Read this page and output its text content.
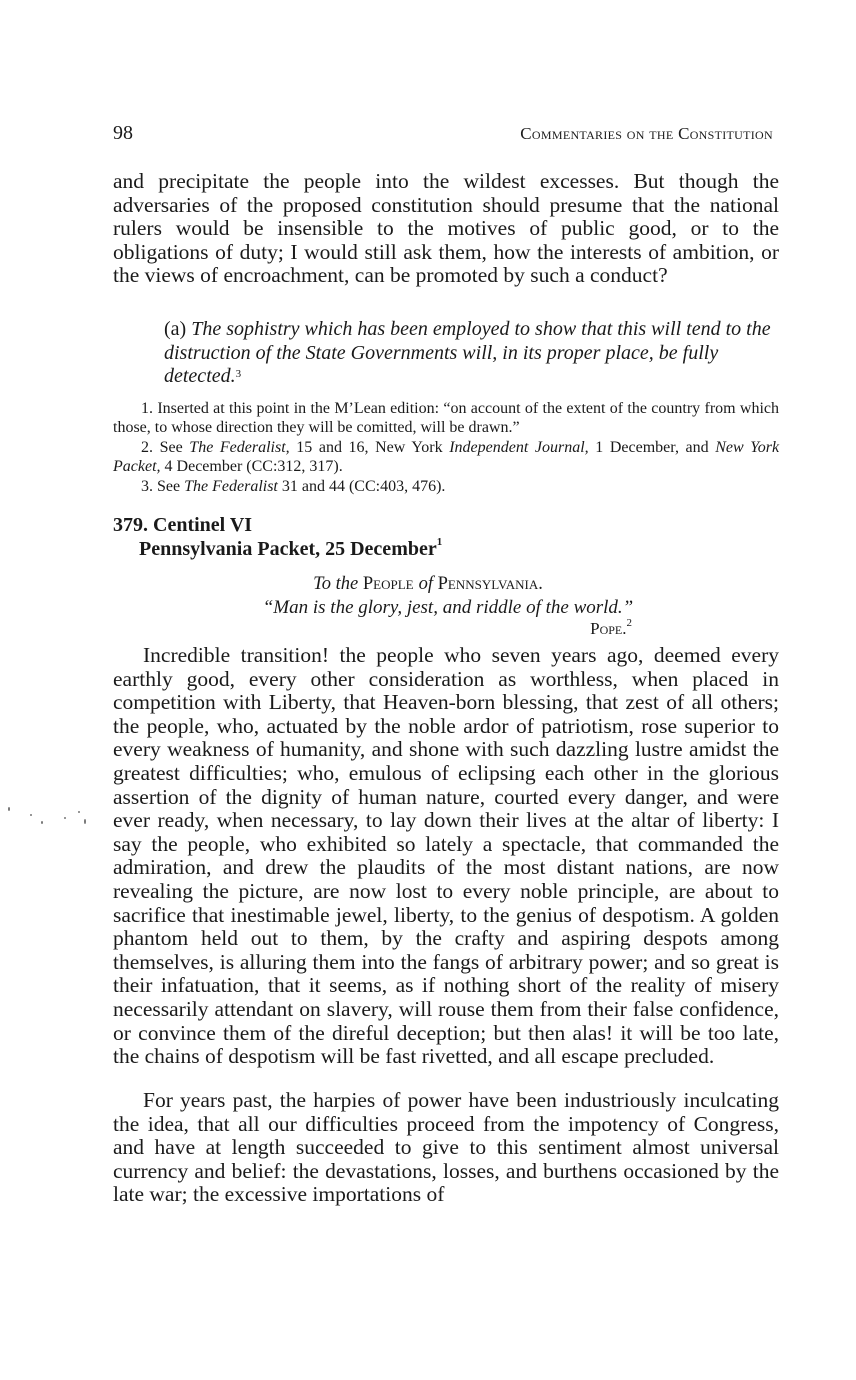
98	Commentaries on the Constitution

and precipitate the people into the wildest excesses. But though the adversaries of the proposed constitution should presume that the national rulers would be insensible to the motives of public good, or to the obligations of duty; I would still ask them, how the interests of ambition, or the views of encroachment, can be promoted by such a conduct?

(a) The sophistry which has been employed to show that this will tend to the distruction of the State Governments will, in its proper place, be fully detected.$^3$

1. Inserted at this point in the M’Lean edition: “on account of the extent of the country from which those, to whose direction they will be comitted, will be drawn.”

2. See The Federalist, 15 and 16, New York Independent Journal, 1 December, and New York Packet, 4 December (CC:312, 317).

3. See The Federalist 31 and 44 (CC:403, 476).

379. Centinel VI
Pennsylvania Packet, 25 December$^1$
To the People of Pennsylvania.
“Man is the glory, jest, and riddle of the world.”
Pope.$^2$

Incredible transition! the people who seven years ago, deemed every earthly good, every other consideration as worthless, when placed in competition with Liberty, that Heaven-born blessing, that zest of all others; the people, who, actuated by the noble ardor of patriotism, rose superior to every weakness of humanity, and shone with such dazzling lustre amidst the greatest difficulties; who, emulous of eclipsing each other in the glorious assertion of the dignity of human nature, courted every danger, and were ever ready, when necessary, to lay down their lives at the altar of liberty: I say the people, who exhibited so lately a spectacle, that commanded the admiration, and drew the plaudits of the most distant nations, are now revealing the picture, are now lost to every noble principle, are about to sacrifice that inestimable jewel, liberty, to the genius of despotism. A golden phantom held out to them, by the crafty and aspiring despots among themselves, is alluring them into the fangs of arbitrary power; and so great is their infatuation, that it seems, as if nothing short of the reality of misery necessarily attendant on slavery, will rouse them from their false confidence, or convince them of the direful deception; but then alas! it will be too late, the chains of despotism will be fast rivetted, and all escape precluded.

For years past, the harpies of power have been industriously inculcating the idea, that all our difficulties proceed from the impotency of Congress, and have at length succeeded to give to this sentiment almost universal currency and belief: the devastations, losses, and burthens occasioned by the late war; the excessive importations of
